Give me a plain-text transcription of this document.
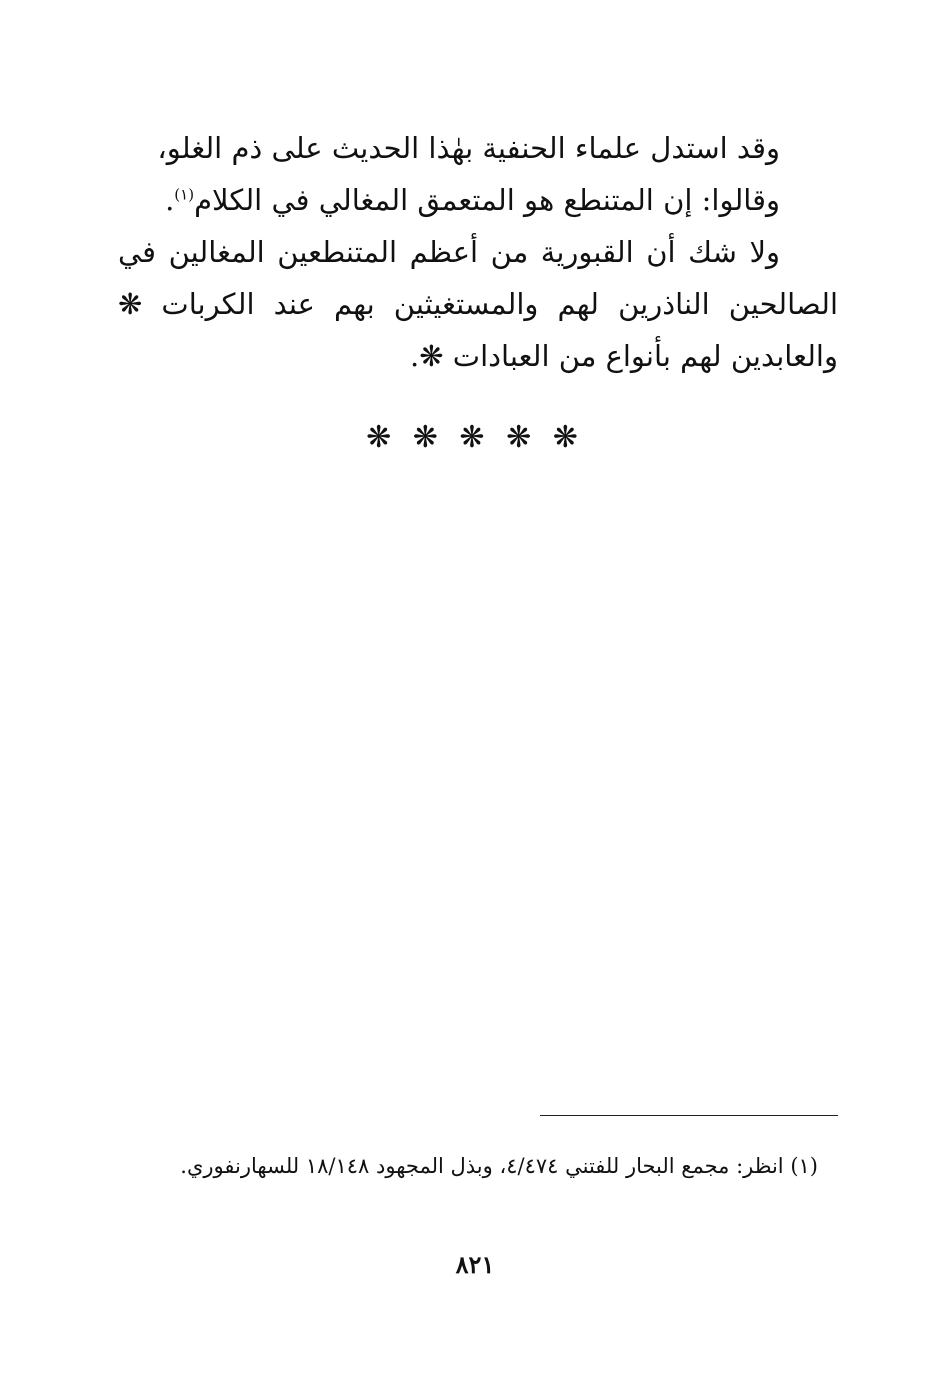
وقد استدل علماء الحنفية بهٰذا الحديث على ذم الغلو،

وقالوا: إن المتنطع هو المتعمق المغالي في الكلام$^{(١)}$.

ولا شك أن القبورية من أعظم المتنطعين المغالين في الصالحين الناذرين لهم والمستغيثين بهم عند الكربات ❋ والعابدين لهم بأنواع من العبادات ❋.

❋ ❋ ❋ ❋ ❋

(١) انظر: مجمع البحار للفتني ٤/٤٧٤، وبذل المجهود ١٨/١٤٨ للسهارنفوري.

٨٢١
